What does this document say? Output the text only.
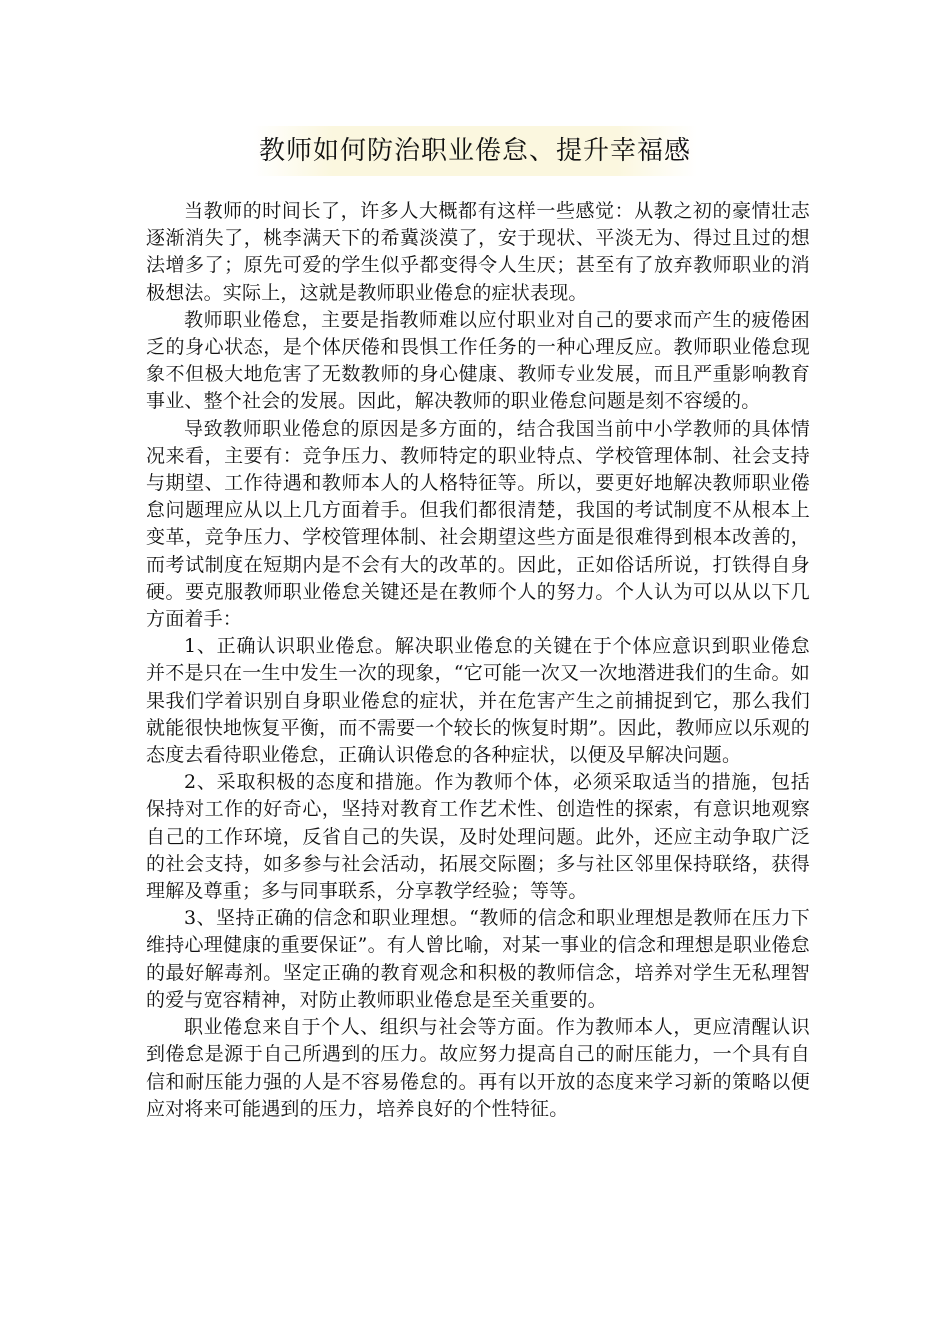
教师如何防治职业倦怠、提升幸福感

当教师的时间长了，许多人大概都有这样一些感觉：从教之初的豪情壮志逐渐消失了，桃李满天下的希冀淡漠了，安于现状、平淡无为、得过且过的想法增多了；原先可爱的学生似乎都变得令人生厌；甚至有了放弃教师职业的消极想法。实际上，这就是教师职业倦怠的症状表现。

教师职业倦怠，主要是指教师难以应付职业对自己的要求而产生的疲倦困乏的身心状态，是个体厌倦和畏惧工作任务的一种心理反应。教师职业倦怠现象不但极大地危害了无数教师的身心健康、教师专业发展，而且严重影响教育事业、整个社会的发展。因此，解决教师的职业倦怠问题是刻不容缓的。

导致教师职业倦怠的原因是多方面的，结合我国当前中小学教师的具体情况来看，主要有：竞争压力、教师特定的职业特点、学校管理体制、社会支持与期望、工作待遇和教师本人的人格特征等。所以，要更好地解决教师职业倦怠问题理应从以上几方面着手。但我们都很清楚，我国的考试制度不从根本上变革，竞争压力、学校管理体制、社会期望这些方面是很难得到根本改善的，而考试制度在短期内是不会有大的改革的。因此，正如俗话所说，打铁得自身硬。要克服教师职业倦怠关键还是在教师个人的努力。个人认为可以从以下几方面着手：

1、正确认识职业倦怠。解决职业倦怠的关键在于个体应意识到职业倦怠并不是只在一生中发生一次的现象，“它可能一次又一次地潜进我们的生命。如果我们学着识别自身职业倦怠的症状，并在危害产生之前捕捉到它，那么我们就能很快地恢复平衡，而不需要一个较长的恢复时期”。因此，教师应以乐观的态度去看待职业倦怠，正确认识倦怠的各种症状，以便及早解决问题。

2、采取积极的态度和措施。作为教师个体，必须采取适当的措施，包括保持对工作的好奇心，坚持对教育工作艺术性、创造性的探索，有意识地观察自己的工作环境，反省自己的失误，及时处理问题。此外，还应主动争取广泛的社会支持，如多参与社会活动，拓展交际圈；多与社区邻里保持联络，获得理解及尊重；多与同事联系，分享教学经验；等等。

3、坚持正确的信念和职业理想。“教师的信念和职业理想是教师在压力下维持心理健康的重要保证”。有人曾比喻，对某一事业的信念和理想是职业倦怠的最好解毒剂。坚定正确的教育观念和积极的教师信念，培养对学生无私理智的爱与宽容精神，对防止教师职业倦怠是至关重要的。

职业倦怠来自于个人、组织与社会等方面。作为教师本人，更应清醒认识到倦怠是源于自己所遇到的压力。故应努力提高自己的耐压能力，一个具有自信和耐压能力强的人是不容易倦怠的。再有以开放的态度来学习新的策略以便应对将来可能遇到的压力，培养良好的个性特征。
